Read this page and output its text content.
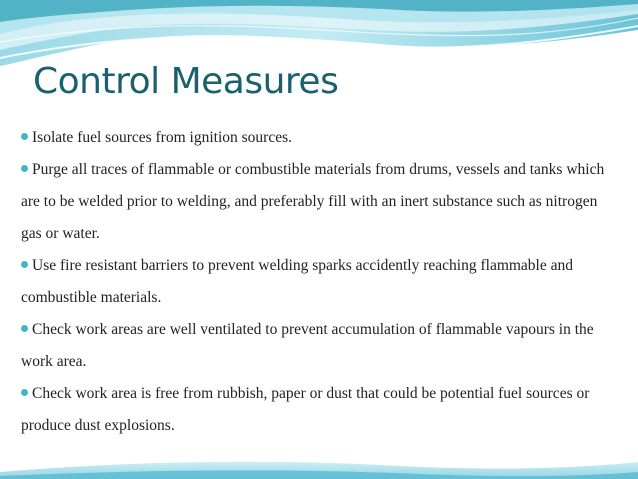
Control Measures
Isolate fuel sources from ignition sources.
Purge all traces of flammable or combustible materials from drums, vessels and tanks which are to be welded prior to welding, and preferably fill with an inert substance such as nitrogen gas or water.
Use fire resistant barriers to prevent welding sparks accidently reaching flammable and combustible materials.
Check work areas are well ventilated to prevent accumulation of flammable vapours in the work area.
Check work area is free from rubbish, paper or dust that could be potential fuel sources or produce dust explosions.
